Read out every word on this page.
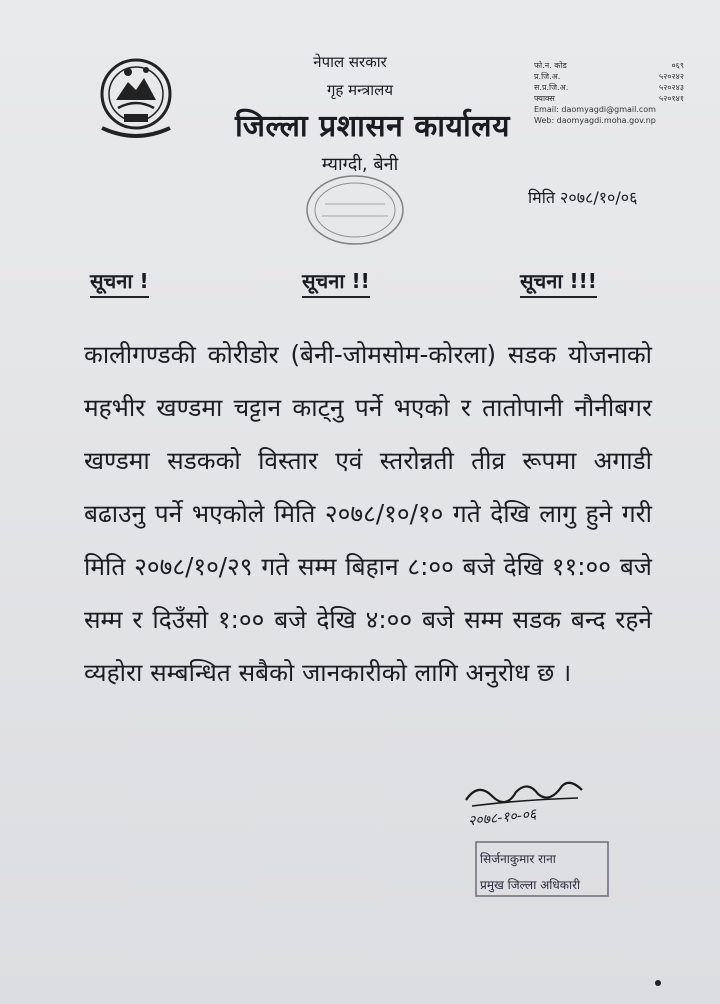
नेपाल सरकार
गृह मन्त्रालय
जिल्ला प्रशासन कार्यालय
फो.न. कोड	०६९
प्र.जि.अ.	५२०२४२
स.प्र.जि.अ.	५२०२४३
फ्याक्स	५२०१४१
Email: daomyagdi@gmail.com
Web: daomyagdi.moha.gov.np
म्याग्दी, बेनी
मिति २०७८/१०/०६
सूचना !	सूचना !!	सूचना !!!
कालीगण्डकी कोरीडोर (बेनी-जोमसोम-कोरला) सडक योजनाको महभीर खण्डमा चट्टान काट्नु पर्ने भएको र तातोपानी नौनीबगर खण्डमा सडकको विस्तार एवं स्तरोन्नती तीव्र रूपमा अगाडी बढाउनु पर्ने भएकोले मिति २०७८/१०/१० गते देखि लागु हुने गरी मिति २०७८/१०/२९ गते सम्म बिहान ८:०० बजे देखि ११:०० बजे सम्म र दिउँसो १:०० बजे देखि ४:०० बजे सम्म सडक बन्द रहने व्यहोरा सम्बन्धित सबैको जानकारीको लागि अनुरोध छ ।
२०७८-१०-०६
सिर्जनाकुमार राना
प्रमुख जिल्ला अधिकारी
